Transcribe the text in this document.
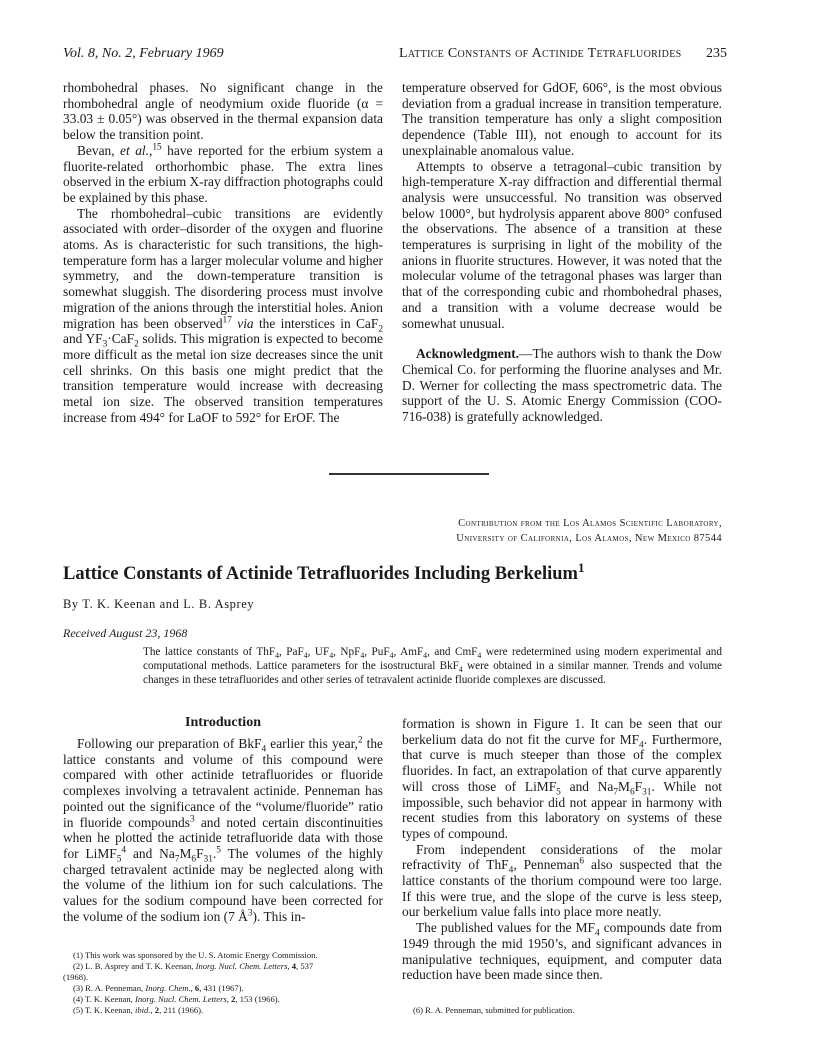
Vol. 8, No. 2, February 1969	Lattice Constants of Actinide Tetrafluorides 235

rhombohedral phases. No significant change in the rhombohedral angle of neodymium oxide fluoride (α = 33.03 ± 0.05°) was observed in the thermal expansion data below the transition point.

Bevan, et al.,$^{15}$ have reported for the erbium system a fluorite-related orthorhombic phase. The extra lines observed in the erbium X-ray diffraction photographs could be explained by this phase.

The rhombohedral–cubic transitions are evidently associated with order–disorder of the oxygen and fluorine atoms. As is characteristic for such transitions, the high-temperature form has a larger molecular volume and higher symmetry, and the down-temperature transition is somewhat sluggish. The disordering process must involve migration of the anions through the interstitial holes. Anion migration has been observed$^{17}$ via the interstices in CaF$_2$ and $YF_3\cdot CaF_2$ solids. This migration is expected to become more difficult as the metal ion size decreases since the unit cell shrinks. On this basis one might predict that the transition temperature would increase with decreasing metal ion size. The observed transition temperatures increase from 494° for LaOF to 592° for ErOF. The

temperature observed for GdOF, 606°, is the most obvious deviation from a gradual increase in transition temperature. The transition temperature has only a slight composition dependence (Table III), not enough to account for its unexplainable anomalous value.

Attempts to observe a tetragonal–cubic transition by high-temperature X-ray diffraction and differential thermal analysis were unsuccessful. No transition was observed below 1000°, but hydrolysis apparent above 800° confused the observations. The absence of a transition at these temperatures is surprising in light of the mobility of the anions in fluorite structures. However, it was noted that the molecular volume of the tetragonal phases was larger than that of the corresponding cubic and rhombohedral phases, and a transition with a volume decrease would be somewhat unusual.

Acknowledgment.—The authors wish to thank the Dow Chemical Co. for performing the fluorine analyses and Mr. D. Werner for collecting the mass spectrometric data. The support of the U. S. Atomic Energy Commission (COO-716-038) is gratefully acknowledged.

Contribution from the Los Alamos Scientific Laboratory,
University of California, Los Alamos, New Mexico 87544
Lattice Constants of Actinide Tetrafluorides Including Berkelium$^1$
By T. K. Keenan and L. B. Asprey
Received August 23, 1968
The lattice constants of ThF$_4$, PaF$_4$, $UF_4$, NpF$_4$, PuF$_4$, AmF$_4$, and CmF$_4$ were redetermined using modern experimental and computational methods. Lattice parameters for the isostructural BkF$_4$ were obtained in a similar manner. Trends and volume changes in these tetrafluorides and other series of tetravalent actinide fluoride complexes are discussed.
Introduction

Following our preparation of BkF$_4$ earlier this year,$^2$ the lattice constants and volume of this compound were compared with other actinide tetrafluorides or fluoride complexes involving a tetravalent actinide. Penneman has pointed out the significance of the “volume/fluoride” ratio in fluoride compounds$^3$ and noted certain discontinuities when he plotted the actinide tetrafluoride data with those for LiMF$_5^4$ and $Na_7M_6F_{31}.^5$ The volumes of the highly charged tetravalent actinide may be neglected along with the volume of the lithium ion for such calculations. The values for the sodium compound have been corrected for the volume of the sodium ion (7 $Å^3$). This in-

formation is shown in Figure 1. It can be seen that our berkelium data do not fit the curve for $MF_4$. Furthermore, that curve is much steeper than those of the complex fluorides. In fact, an extrapolation of that curve apparently will cross those of LiMF$_5$ and $Na_7M_6F_{31}$. While not impossible, such behavior did not appear in harmony with recent studies from this laboratory on systems of these types of compound.

From independent considerations of the molar refractivity of ThF$_4$, Penneman$^6$ also suspected that the lattice constants of the thorium compound were too large. If this were true, and the slope of the curve is less steep, our berkelium value falls into place more neatly.

The published values for the $MF_4$ compounds date from 1949 through the mid 1950’s, and significant advances in manipulative techniques, equipment, and computer data reduction have been made since then.

(1) This work was sponsored by the U. S. Atomic Energy Commission.
(2) L. B. Asprey and T. K. Keenan, Inorg. Nucl. Chem. Letters, 4, 537
(1968).
(3) R. A. Penneman, Inorg. Chem., 6, 431 (1967).
(4) T. K. Keenan, Inorg. Nucl. Chem. Letters, 2, 153 (1966).
(5) T. K. Keenan, ibid., 2, 211 (1966).	(6) R. A. Penneman, submitted for publication.
